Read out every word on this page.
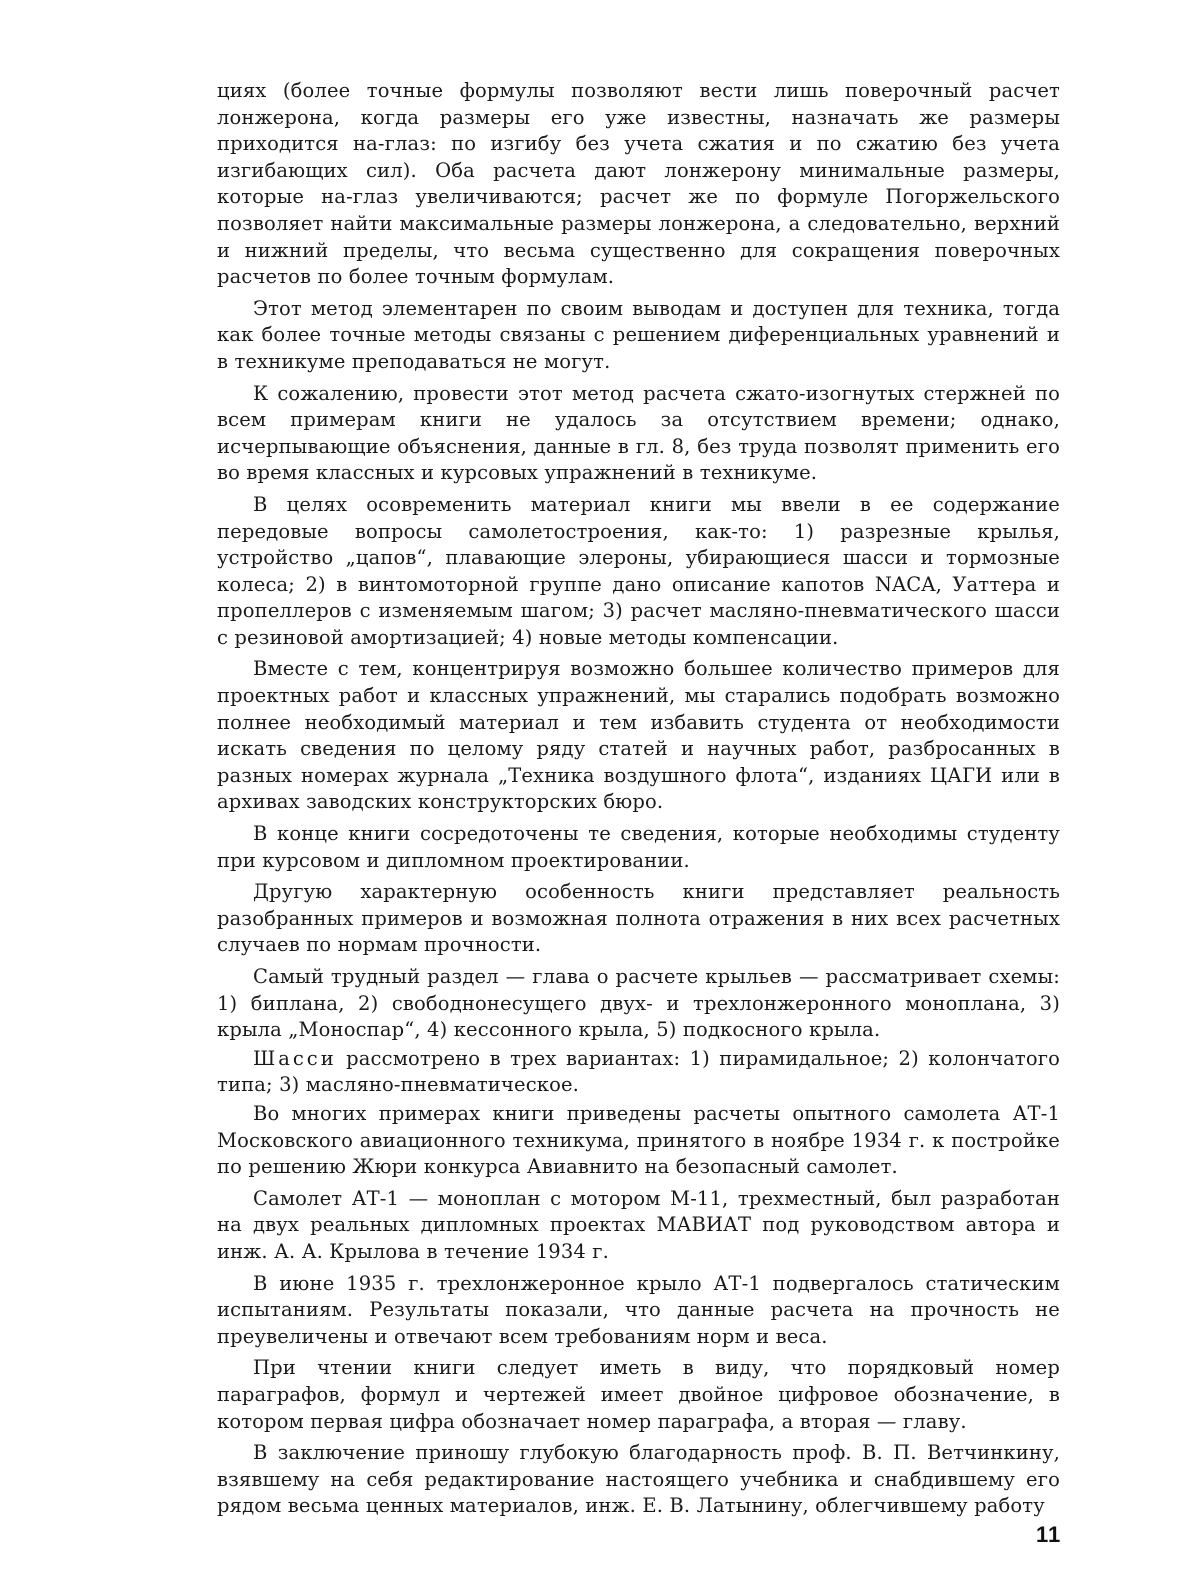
циях (более точные формулы позволяют вести лишь поверочный расчет лонжерона, когда размеры его уже известны, назначать же размеры приходится на-глаз: по изгибу без учета сжатия и по сжатию без учета изгибающих сил). Оба расчета дают лонжерону минимальные размеры, которые на-глаз увеличиваются; расчет же по формуле Погоржельского позволяет найти максимальные размеры лонжерона, а следовательно, верхний и нижний пределы, что весьма существенно для сокращения поверочных расчетов по более точным формулам.

Этот метод элементарен по своим выводам и доступен для техника, тогда как более точные методы связаны с решением диференциальных уравнений и в техникуме преподаваться не могут.

К сожалению, провести этот метод расчета сжато-изогнутых стержней по всем примерам книги не удалось за отсутствием времени; однако, исчерпывающие объяснения, данные в гл. 8, без труда позволят применить его во время классных и курсовых упражнений в техникуме.

В целях осовременить материал книги мы ввели в ее содержание передовые вопросы самолетостроения, как-то: 1) разрезные крылья, устройство „цапов“, плавающие элероны, убирающиеся шасси и тормозные колеса; 2) в винтомоторной группе дано описание капотов NACA, Уаттера и пропеллеров с изменяемым шагом; 3) расчет масляно-пневматического шасси с резиновой амортизацией; 4) новые методы компенсации.

Вместе с тем, концентрируя возможно большее количество примеров для проектных работ и классных упражнений, мы старались подобрать возможно полнее необходимый материал и тем избавить студента от необходимости искать сведения по целому ряду статей и научных работ, разбросанных в разных номерах журнала „Техника воздушного флота“, изданиях ЦАГИ или в архивах заводских конструкторских бюро.

В конце книги сосредоточены те сведения, которые необходимы студенту при курсовом и дипломном проектировании.

Другую характерную особенность книги представляет реальность разобранных примеров и возможная полнота отражения в них всех расчетных случаев по нормам прочности.

Самый трудный раздел — глава о расчете крыльев — рассматривает схемы: 1) биплана, 2) свободнонесущего двух- и трехлонжеронного моноплана, 3) крыла „Моноспар“, 4) кессонного крыла, 5) подкосного крыла.

Шасси рассмотрено в трех вариантах: 1) пирамидальное; 2) колончатого типа; 3) масляно-пневматическое.

Во многих примерах книги приведены расчеты опытного самолета АТ-1 Московского авиационного техникума, принятого в ноябре 1934 г. к постройке по решению Жюри конкурса Авиавнито на безопасный самолет.

Самолет АТ-1 — моноплан с мотором М-11, трехместный, был разработан на двух реальных дипломных проектах МАВИАТ под руководством автора и инж. А. А. Крылова в течение 1934 г.

В июне 1935 г. трехлонжеронное крыло АТ-1 подвергалось статическим испытаниям. Результаты показали, что данные расчета на прочность не преувеличены и отвечают всем требованиям норм и веса.

При чтении книги следует иметь в виду, что порядковый номер параграфов, формул и чертежей имеет двойное цифровое обозначение, в котором первая цифра обозначает номер параграфа, а вторая — главу.

В заключение приношу глубокую благодарность проф. В. П. Ветчинкину, взявшему на себя редактирование настоящего учебника и снабдившему его рядом весьма ценных материалов, инж. Е. В. Латынину, облегчившему работу

11
